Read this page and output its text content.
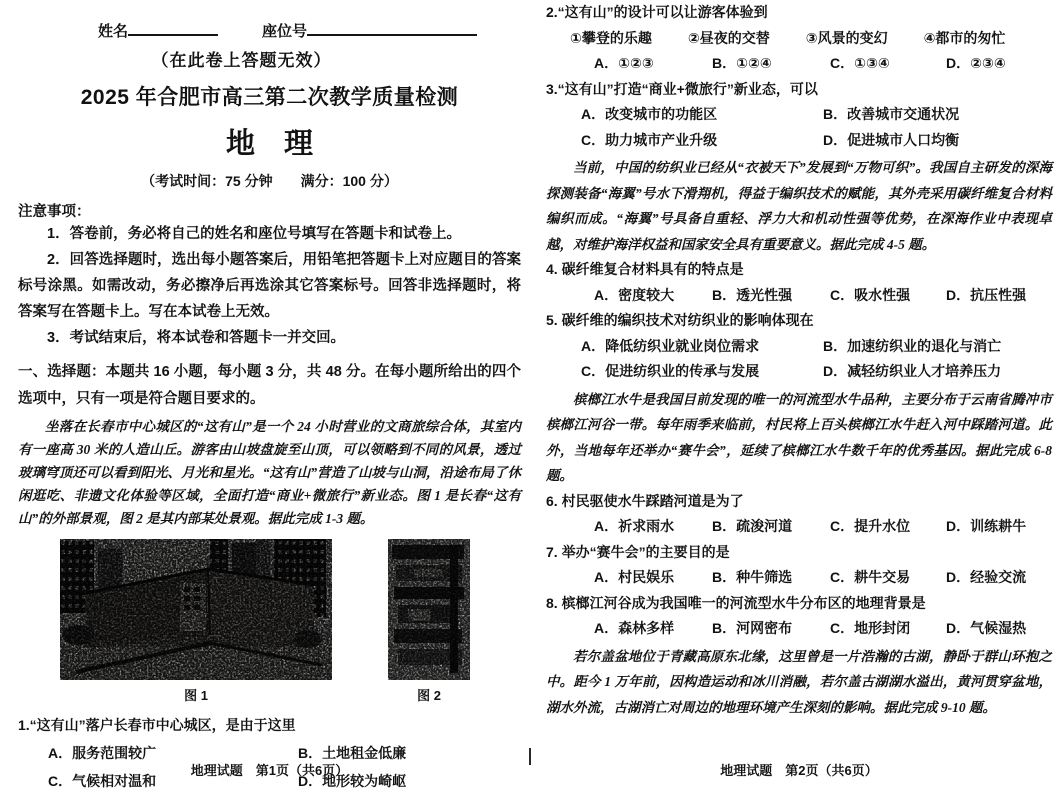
姓名	座位号
（在此卷上答题无效）
2025 年合肥市高三第二次教学质量检测
地　理
（考试时间：75 分钟　　满分：100 分）
注意事项：

1．答卷前，务必将自己的姓名和座位号填写在答题卡和试卷上。

2．回答选择题时，选出每小题答案后，用铅笔把答题卡上对应题目的答案标号涂黑。如需改动，务必擦净后再选涂其它答案标号。回答非选择题时，将答案写在答题卡上。写在本试卷上无效。

3．考试结束后，将本试卷和答题卡一并交回。

一、选择题：本题共 16 小题，每小题 3 分，共 48 分。在每小题所给出的四个选项中，只有一项是符合题目要求的。

坐落在长春市中心城区的“这有山”是一个 24 小时营业的文商旅综合体，其室内有一座高 30 米的人造山丘。游客由山坡盘旋至山顶，可以领略到不同的风景，透过玻璃穹顶还可以看到阳光、月光和星光。“这有山”营造了山坡与山洞，沿途布局了休闲逛吃、非遗文化体验等区域，全面打造“商业+微旅行”新业态。图 1 是长春“这有山”的外部景观，图 2 是其内部某处景观。据此完成 1-3 题。

图 1	图 2

1.“这有山”落户长春市中心城区，是由于这里

A．服务范围较广	B．土地租金低廉
C．气候相对温和	D．地形较为崎岖
地理试题　第1页（共6页）

2.“这有山”的设计可以让游客体验到

①攀登的乐趣	②昼夜的交替	③风景的变幻	④都市的匆忙
A．①②③	B．①②④	C．①③④	D．②③④

3.“这有山”打造“商业+微旅行”新业态，可以

A．改变城市的功能区	B．改善城市交通状况
C．助力城市产业升级	D．促进城市人口均衡

当前，中国的纺织业已经从“衣被天下”发展到“万物可织”。我国自主研发的深海探测装备“海翼”号水下滑翔机，得益于编织技术的赋能，其外壳采用碳纤维复合材料编织而成。“海翼”号具备自重轻、浮力大和机动性强等优势，在深海作业中表现卓越，对维护海洋权益和国家安全具有重要意义。据此完成 4-5 题。

4. 碳纤维复合材料具有的特点是

A．密度较大	B．透光性强	C．吸水性强	D．抗压性强

5. 碳纤维的编织技术对纺织业的影响体现在

A．降低纺织业就业岗位需求	B．加速纺织业的退化与消亡
C．促进纺织业的传承与发展	D．减轻纺织业人才培养压力

槟榔江水牛是我国目前发现的唯一的河流型水牛品种，主要分布于云南省腾冲市槟榔江河谷一带。每年雨季来临前，村民将上百头槟榔江水牛赶入河中踩踏河道。此外，当地每年还举办“赛牛会”，延续了槟榔江水牛数千年的优秀基因。据此完成 6-8 题。

6. 村民驱使水牛踩踏河道是为了

A．祈求雨水	B．疏浚河道	C．提升水位	D．训练耕牛

7. 举办“赛牛会”的主要目的是

A．村民娱乐	B．种牛筛选	C．耕牛交易	D．经验交流

8. 槟榔江河谷成为我国唯一的河流型水牛分布区的地理背景是

A．森林多样	B．河网密布	C．地形封闭	D．气候湿热

若尔盖盆地位于青藏高原东北缘，这里曾是一片浩瀚的古湖，静卧于群山环抱之中。距今 1 万年前，因构造运动和冰川消融，若尔盖古湖湖水溢出，黄河贯穿盆地，湖水外流，古湖消亡对周边的地理环境产生深刻的影响。据此完成 9-10 题。

地理试题　第2页（共6页）
